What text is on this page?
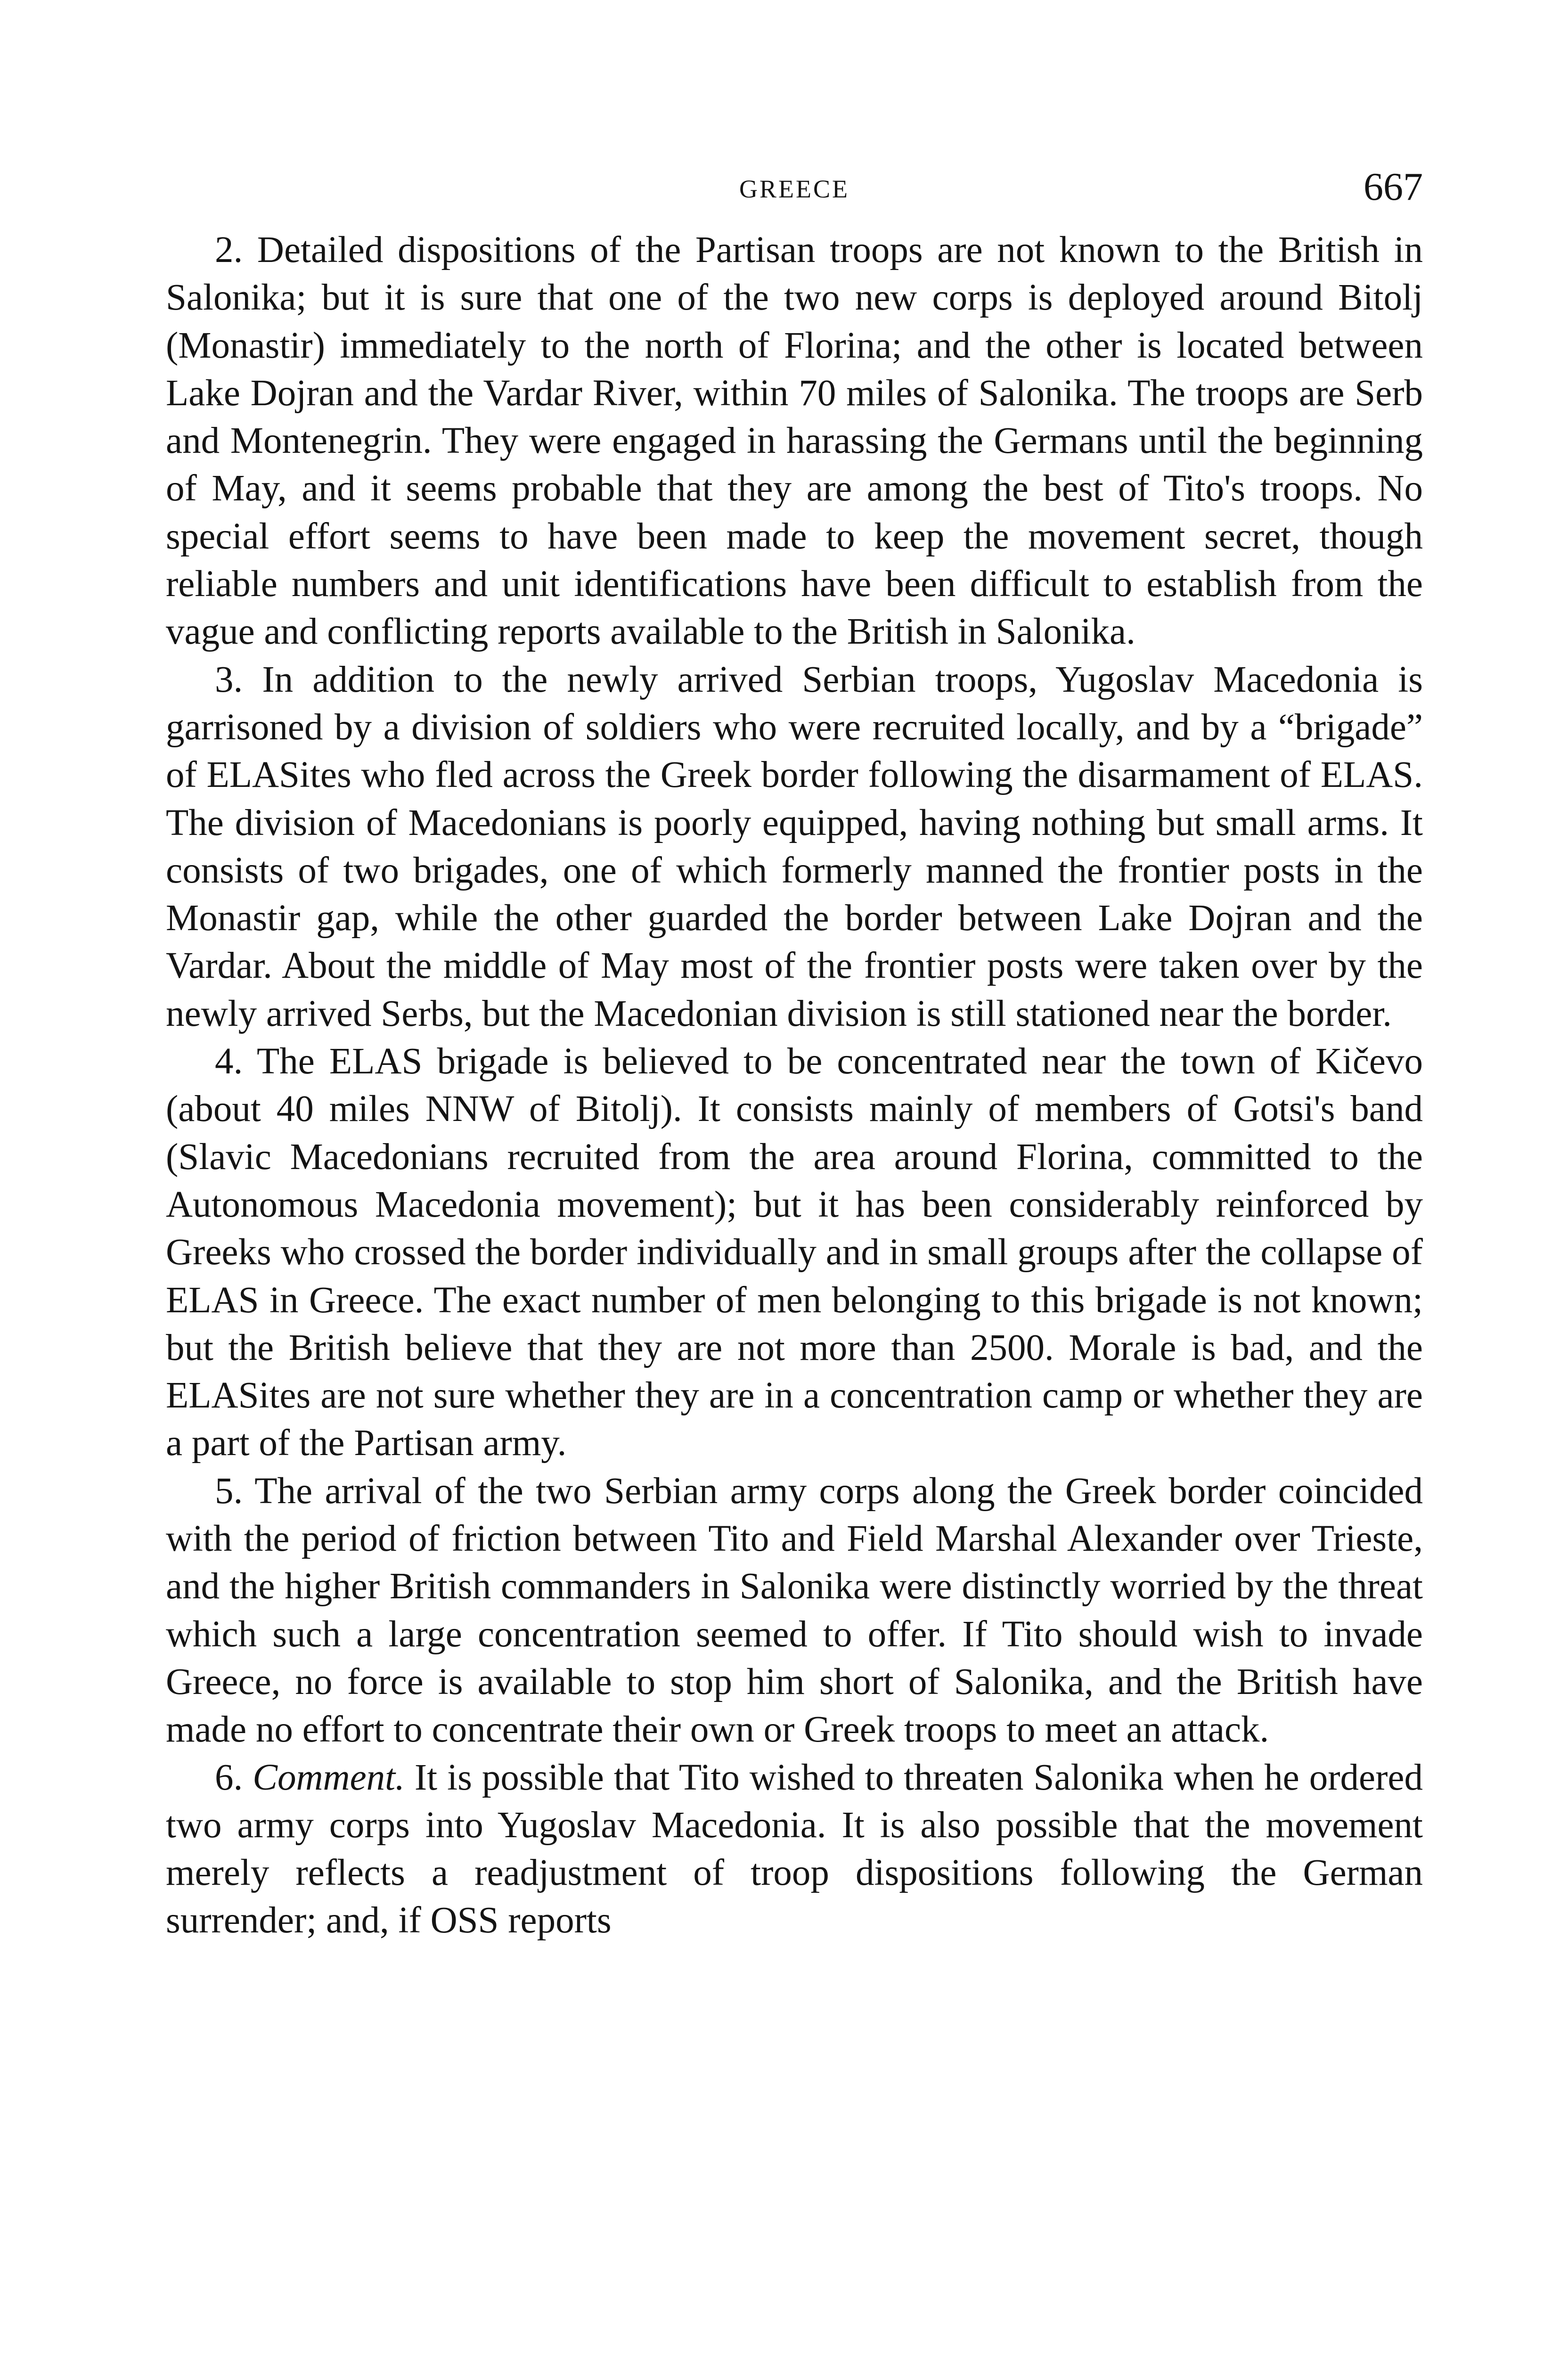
GREECE	667

2. Detailed dispositions of the Partisan troops are not known to the British in Salonika; but it is sure that one of the two new corps is deployed around Bitolj (Monastir) immediately to the north of Florina; and the other is located between Lake Dojran and the Vardar River, within 70 miles of Salonika. The troops are Serb and Montenegrin. They were engaged in harassing the Germans until the beginning of May, and it seems probable that they are among the best of Tito's troops. No special effort seems to have been made to keep the movement secret, though reliable numbers and unit identifications have been difficult to establish from the vague and conflicting reports available to the British in Salonika.

3. In addition to the newly arrived Serbian troops, Yugoslav Macedonia is garrisoned by a division of soldiers who were recruited locally, and by a “brigade” of ELASites who fled across the Greek border following the disarmament of ELAS. The division of Macedonians is poorly equipped, having nothing but small arms. It consists of two brigades, one of which formerly manned the frontier posts in the Monastir gap, while the other guarded the border between Lake Dojran and the Vardar. About the middle of May most of the frontier posts were taken over by the newly arrived Serbs, but the Macedonian division is still stationed near the border.

4. The ELAS brigade is believed to be concentrated near the town of Kičevo (about 40 miles NNW of Bitolj). It consists mainly of members of Gotsi's band (Slavic Macedonians recruited from the area around Florina, committed to the Autonomous Macedonia movement); but it has been considerably reinforced by Greeks who crossed the border individually and in small groups after the collapse of ELAS in Greece. The exact number of men belonging to this brigade is not known; but the British believe that they are not more than 2500. Morale is bad, and the ELASites are not sure whether they are in a concentration camp or whether they are a part of the Partisan army.

5. The arrival of the two Serbian army corps along the Greek border coincided with the period of friction between Tito and Field Marshal Alexander over Trieste, and the higher British commanders in Salonika were distinctly worried by the threat which such a large concentration seemed to offer. If Tito should wish to invade Greece, no force is available to stop him short of Salonika, and the British have made no effort to concentrate their own or Greek troops to meet an attack.

6. Comment. It is possible that Tito wished to threaten Salonika when he ordered two army corps into Yugoslav Macedonia. It is also possible that the movement merely reflects a readjustment of troop dispositions following the German surrender; and, if OSS reports
